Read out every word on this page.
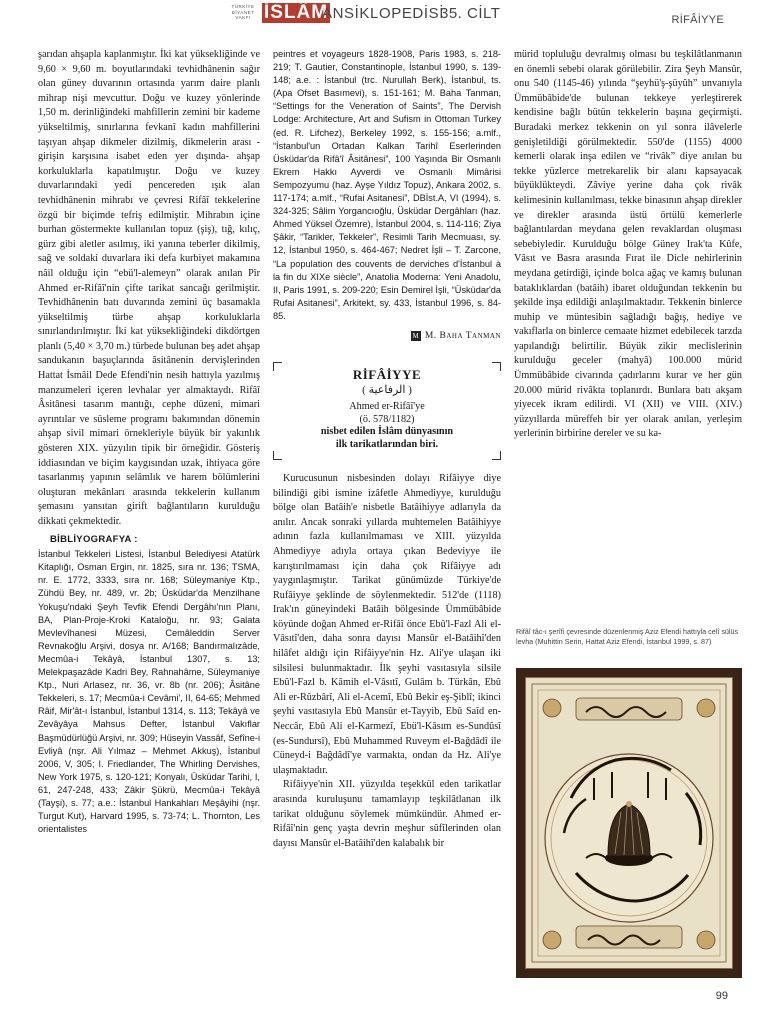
TÜRKİYE
DİYANET
VAKFI İSLÂM
ANSİKLOPEDİSİ
35. CİLT	RİFÂİYYE

şarıdan ahşapla kaplanmıştır. İki kat yüksekliğinde ve 9,60 × 9,60 m. boyutlarındaki tevhidhânenin sağır olan güney duvarının ortasında yarım daire planlı mihrap nişi mevcuttur. Doğu ve kuzey yönlerinde 1,50 m. derinliğindeki mahfillerin zemini bir kademe yükseltilmiş, sınırlarına fevkanî kadın mahfillerini taşıyan ahşap dikmeler dizilmiş, dikmelerin arası -girişin karşısına isabet eden yer dışında- ahşap korkuluklarla kapatılmıştır. Doğu ve kuzey duvarlarındaki yedi pencereden ışık alan tevhidhânenin mihrabı ve çevresi Rifâî tekkelerine özgü bir biçimde tefriş edilmiştir. Mihrabın içine burhan göstermekte kullanılan topuz (şiş), tığ, kılıç, gürz gibi aletler asılmış, iki yanına teberler dikilmiş, sağ ve soldaki duvarlara iki defa kurbiyet makamına nâil olduğu için “ebü'l-alemeyn” olarak anılan Pîr Ahmed er-Rifâî'nin çifte tarikat sancağı gerilmiştir. Tevhidhânenin batı duvarında zemini üç basamakla yükseltilmiş türbe ahşap korkuluklarla sınırlandırılmıştır. İki kat yüksekliğindeki dikdörtgen planlı (5,40 × 3,70 m.) türbede bulunan beş adet ahşap sandukanın başuçlarında âsitânenin dervişlerinden Hattat İsmâil Dede Efendi'nin nesih hattıyla yazılmış manzumeleri içeren levhalar yer almaktaydı. Rifâî Âsitânesi tasarım mantığı, cephe düzeni, mimari ayrıntılar ve süsleme programı bakımından dönemin ahşap sivil mimari örnekleriyle büyük bir yakınlık gösteren XIX. yüzyılın tipik bir örneğidir. Gösteriş iddiasından ve biçim kaygısından uzak, ihtiyaca göre tasarlanmış yapının selâmlık ve harem bölümlerini oluşturan mekânları arasında tekkelerin kullanım şemasını yansıtan girift bağlantıların kurulduğu dikkati çekmektedir.

BİBLİYOGRAFYA :
İstanbul Tekkeleri Listesi, İstanbul Belediyesi Atatürk Kitaplığı, Osman Ergin, nr. 1825, sıra nr. 136; TSMA, nr. E. 1772, 3333, sıra nr. 168; Süleymaniye Ktp., Zühdü Bey, nr. 489, vr. 2b; Üsküdar'da Menzilhane Yokuşu'ndaki Şeyh Tevfik Efendi Dergâhı'nın Planı, BA, Plan-Proje-Kroki Kataloğu, nr. 93; Galata Mevlevîhanesi Müzesi, Cemâleddin Server Revnakoğlu Arşivi, dosya nr. A/168; Bandırmalızâde, Mecmûa-i Tekâyâ, İstanbul 1307, s. 13; Melekpaşazâde Kadri Bey, Rahnahâme, Süleymaniye Ktp., Nuri Arlasez, nr. 36, vr. 8b (nr. 206); Âsitâne Tekkeleri, s. 17; Mecmûa-i Cevâmi', II, 64-65; Mehmed Râif, Mir'ât-ı İstanbul, İstanbul 1314, s. 113; Tekâyâ ve Zevâyâya Mahsus Defter, İstanbul Vakıflar Başmüdürlüğü Arşivi, nr. 309; Hüseyin Vassâf, Sefîne-i Evliyâ (nşr. Ali Yılmaz – Mehmet Akkuş), İstanbul 2006, V, 305; I. Friedlander, The Whirling Dervishes, New York 1975, s. 120-121; Konyalı, Üsküdar Tarihi, I, 61, 247-248, 433; Zâkir Şükrü, Mecmûa-i Tekâyâ (Tayşi), s. 77; a.e.: İstanbul Hankahları Meşâyihi (nşr. Turgut Kut), Harvard 1995, s. 73-74; L. Thornton, Les orientalistes
peintres et voyageurs 1828-1908, Paris 1983, s. 218-219; T. Gautier, Constantinople, İstanbul 1990, s. 139-148; a.e. : İstanbul (trc. Nurullah Berk), İstanbul, ts. (Apa Ofset Basımevi), s. 151-161; M. Baha Tanman, “Settings for the Veneration of Saints”, The Dervish Lodge: Architecture, Art and Sufism in Ottoman Turkey (ed. R. Lifchez), Berkeley 1992, s. 155-156; a.mlf., “İstanbul'un Ortadan Kalkan Tarihî Eserlerinden Üsküdar'da Rifâ'î Âsitânesi”, 100 Yaşında Bir Osmanlı Ekrem Hakkı Ayverdi ve Osmanlı Mimârisi Sempozyumu (haz. Ayşe Yıldız Topuz), Ankara 2002, s. 117-174; a.mlf., “Rufai Asitanesi”, DBİst.A, VI (1994), s. 324-325; Sâlim Yorgancıoğlu, Üsküdar Dergâhları (haz. Ahmed Yüksel Özemre), İstanbul 2004, s. 114-116; Ziya Şâkir, “Tarikler, Tekkeler”, Resimli Tarih Mecmuası, sy. 12, İstanbul 1950, s. 464-467; Nedret İşli – T. Zarcone, “La population des couvents de derviches d'İstanbul à la fin du XIXe siècle”, Anatolia Moderna: Yeni Anadolu, II, Paris 1991, s. 209-220; Esin Demirel İşli, “Üsküdar'da Rufai Asitanesi”, Arkitekt, sy. 433, İstanbul 1996, s. 84-85.
M M. Baha Tanman
RİFÂİYYE
( الرفاعية )
Ahmed er-Rifâî'ye
(ö. 578/1182)
nisbet edilen İslâm dünyasının
ilk tarikatlarından biri.

Kurucusunun nisbesinden dolayı Rifâiyye diye bilindiği gibi ismine izâfetle Ahmediyye, kurulduğu bölge olan Batâih'e nisbetle Batâihiyye adlarıyla da anılır. Ancak sonraki yıllarda muhtemelen Batâihiyye adının fazla kullanılmaması ve XIII. yüzyılda Ahmediyye adıyla ortaya çıkan Bedeviyye ile karıştırılmaması için daha çok Rifâiyye adı yaygınlaşmıştır. Tarikat günümüzde Türkiye'de Rufâiyye şeklinde de söylenmektedir. 512'de (1118) Irak'ın güneyindeki Batâih bölgesinde Ümmübâbide köyünde doğan Ahmed er-Rifâî önce Ebû'l-Fazl Ali el-Vâsıtî'den, daha sonra dayısı Mansûr el-Batâihî'den hilâfet aldığı için Rifâiyye'nin Hz. Ali'ye ulaşan iki silsilesi bulunmaktadır. İlk şeyhi vasıtasıyla silsile Ebû'l-Fazl b. Kâmih el-Vâsıtî, Gulâm b. Türkân, Ebû Ali er-Rûzbârî, Ali el-Acemî, Ebû Bekir eş-Şiblî; ikinci şeyhi vasıtasıyla Ebû Mansûr et-Tayyib, Ebû Saîd en-Neccâr, Ebû Ali el-Karmezî, Ebü'l-Kâsım es-Sundûsî (es-Sundursî), Ebû Muhammed Ruveym el-Bağdâdî ile Cüneyd-i Bağdâdî'ye varmakta, ondan da Hz. Ali'ye ulaşmaktadır.

Rifâiyye'nin XII. yüzyılda teşekkül eden tarikatlar arasında kuruluşunu tamamlayıp teşkilâtlanan ilk tarikat olduğunu söylemek mümkündür. Ahmed er-Rifâî'nin genç yaşta devrin meşhur sûfîlerinden olan dayısı Mansûr el-Batâihî'den kalabalık bir

mürid topluluğu devralmış olması bu teşkilâtlanmanın en önemli sebebi olarak görülebilir. Zira Şeyh Mansûr, onu 540 (1145-46) yılında “şeyhü'ş-şüyûh” unvanıyla Ümmübâbide'de bulunan tekkeye yerleştirerek kendisine bağlı bütün tekkelerin başına geçirmişti. Buradaki merkez tekkenin on yıl sonra ilâvelerle genişletildiği görülmektedir. 550'de (1155) 4000 kemerli olarak inşa edilen ve “rivâk” diye anılan bu tekke yüzlerce metrekarelik bir alanı kapsayacak büyüklükteydi. Zâviye yerine daha çok rivâk kelimesinin kullanılması, tekke binasının ahşap direkler ve direkler arasında üstü örtülü kemerlerle bağlantılardan meydana gelen revaklardan oluşması sebebiyledir. Kurulduğu bölge Güney Irak'ta Kûfe, Vâsıt ve Basra arasında Fırat ile Dicle nehirlerinin meydana getirdiği, içinde bolca ağaç ve kamış bulunan bataklıklardan (batâih) ibaret olduğundan tekkenin bu şekilde inşa edildiği anlaşılmaktadır. Tekkenin binlerce muhip ve müntesibin sağladığı bağış, hediye ve vakıflarla on binlerce cemaate hizmet edebilecek tarzda yapılandığı belirtilir. Büyük zikir meclislerinin kurulduğu geceler (mahyâ) 100.000 mürid Ümmübâbide civarında çadırlarını kurar ve her gün 20.000 mürid rivâkta toplanırdı. Bunlara batı akşam yiyecek ikram edilirdi. VI (XII) ve VIII. (XIV.) yüzyıllarda müreffeh bir yer olarak anılan, yerleşim yerlerinin birbirine dereler ve su ka-

Rifâî tâc-ı şerîfi çevresinde düzenlenmiş Aziz Efendi hattıyla celî sülüs levha (Muhittin Serin, Hattat Aziz Efendi, İstanbul 1999, s. 87)
99
